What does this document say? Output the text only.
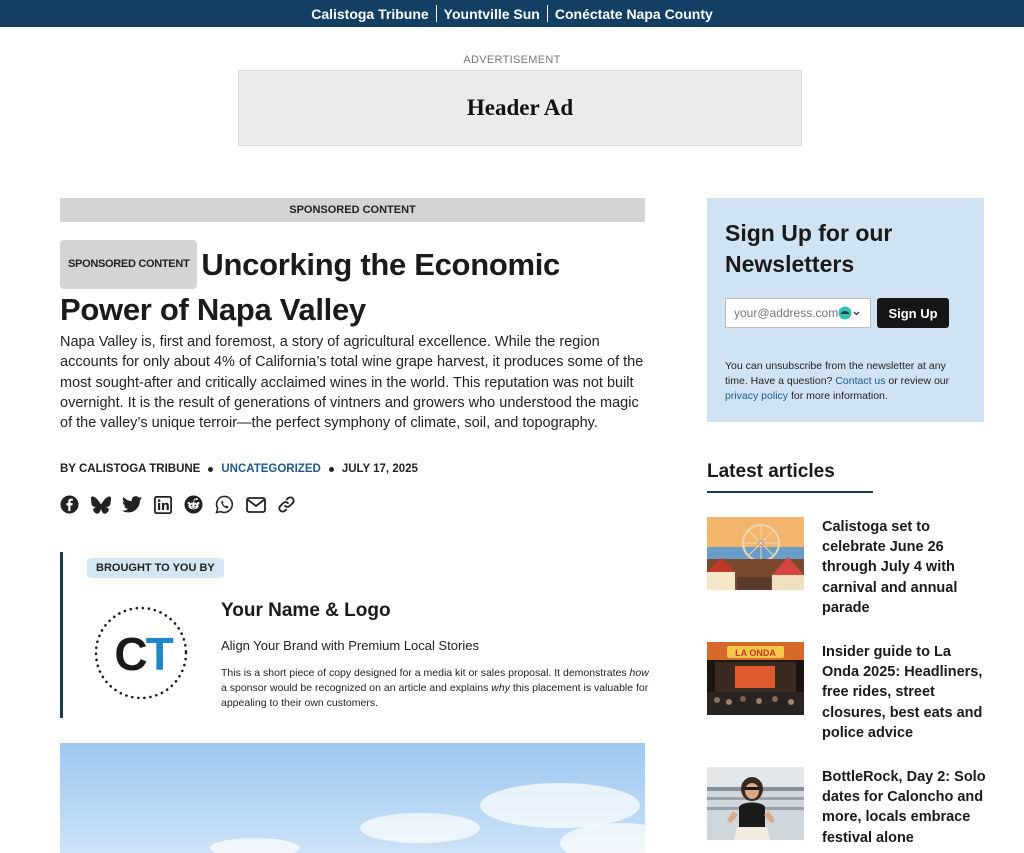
Calistoga Tribune	Yountville Sun	Conéctate Napa County
ADVERTISEMENT
Header Ad
SPONSORED CONTENT
SPONSORED CONTENT Uncorking the Economic Power of Napa Valley

Napa Valley is, first and foremost, a story of agricultural excellence. While the region accounts for only about 4% of California’s total wine grape harvest, it produces some of the most sought-after and critically acclaimed wines in the world. This reputation was not built overnight. It is the result of generations of vintners and growers who understood the magic of the valley’s unique terroir—the perfect symphony of climate, soil, and topography.

BY CALISTOGA TRIBUNE UNCATEGORIZED JULY 17, 2025
BROUGHT TO YOU BY
CT
Your Name & Logo
Align Your Brand with Premium Local Stories

This is a short piece of copy designed for a media kit or sales proposal. It demonstrates how a sponsor would be recognized on an article and explains why this placement is valuable for appealing to their own customers.

Sign Up for our Newsletters
your@address.com
Sign Up

You can unsubscribe from the newsletter at any time. Have a question? Contact us or review our privacy policy for more information.

Latest articles
Calistoga set to celebrate June 26 through July 4 with carnival and annual parade
LA ONDA	Insider guide to La Onda 2025: Headliners, free rides, street closures, best eats and police advice
BottleRock, Day 2: Solo dates for Caloncho and more, locals embrace festival alone
